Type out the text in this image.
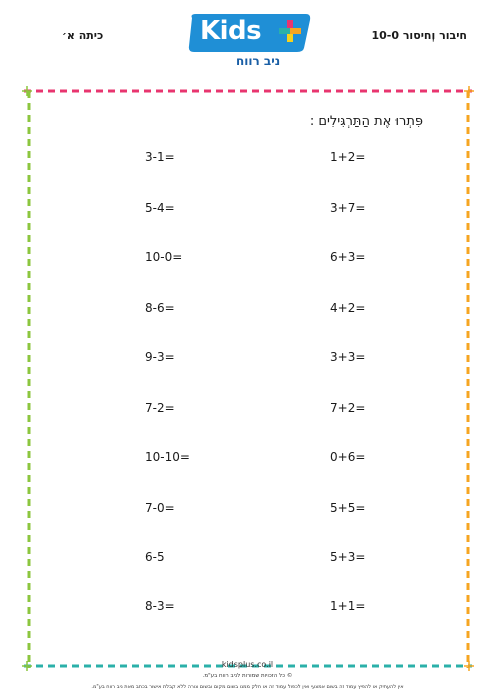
חיבור וְחיסור 10-0
כיתה א׳	Kids
ניב רווח
פִּתְרוּ אֶת הַתַּרְגִּילִים :
1+2=
3+7=
6+3=
4+2=
3+3=
7+2=
0+6=
5+5=
5+3=
1+1=
3-1=
5-4=
10-0=
8-6=
9-3=
7-2=
10-10=
7-0=
6-5
8-3=
kidsplus.co.il
© כל הזכויות שמורות לניב רווח בע"מ.
אין להעתיק או להפיץ עמוד זה בשום אמצעי ואין לכפול עמוד זה או חלק ממנו בשום מקום ובשום צורה ללא קבלת אישור בכתב מאת ניב רווח בע"מ.
